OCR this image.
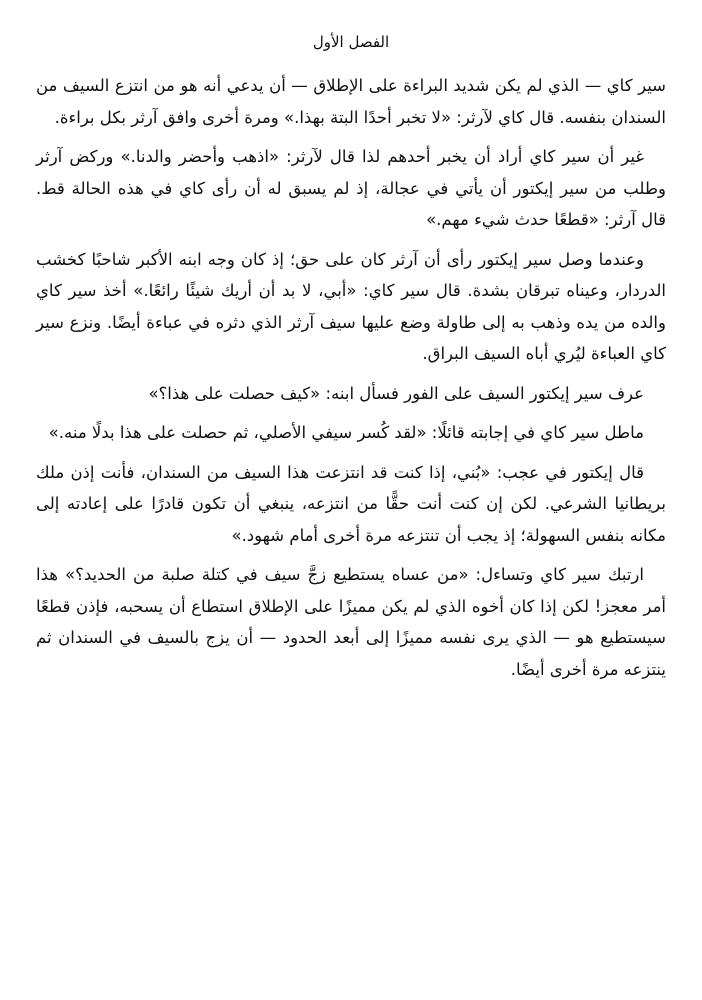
الفصل الأول

سير كاي — الذي لم يكن شديد البراءة على الإطلاق — أن يدعي أنه هو من انتزع السيف من السندان بنفسه. قال كاي لآرثر: «لا تخبر أحدًا البتة بهذا.» ومرة أخرى وافق آرثر بكل براءة.

غير أن سير كاي أراد أن يخبر أحدهم لذا قال لآرثر: «اذهب وأحضر والدنا.» وركض آرثر وطلب من سير إيكتور أن يأتي في عجالة، إذ لم يسبق له أن رأى كاي في هذه الحالة قط. قال آرثر: «قطعًا حدث شيء مهم.»

وعندما وصل سير إيكتور رأى أن آرثر كان على حق؛ إذ كان وجه ابنه الأكبر شاحبًا كخشب الدردار، وعيناه تبرقان بشدة. قال سير كاي: «أبي، لا بد أن أريك شيئًا رائعًا.» أخذ سير كاي والده من يده وذهب به إلى طاولة وضع عليها سيف آرثر الذي دثره في عباءة أيضًا. ونزع سير كاي العباءة ليُري أباه السيف البراق.

عرف سير إيكتور السيف على الفور فسأل ابنه: «كيف حصلت على هذا؟»

ماطل سير كاي في إجابته قائلًا: «لقد كُسر سيفي الأصلي، ثم حصلت على هذا بدلًا منه.»

قال إيكتور في عجب: «بُني، إذا كنت قد انتزعت هذا السيف من السندان، فأنت إذن ملك بريطانيا الشرعي. لكن إن كنت أنت حقًّا من انتزعه، ينبغي أن تكون قادرًا على إعادته إلى مكانه بنفس السهولة؛ إذ يجب أن تنتزعه مرة أخرى أمام شهود.»

ارتبك سير كاي وتساءل: «من عساه يستطيع زجَّ سيف في كتلة صلبة من الحديد؟» هذا أمر معجز! لكن إذا كان أخوه الذي لم يكن مميزًا على الإطلاق استطاع أن يسحبه، فإذن قطعًا سيستطيع هو — الذي يرى نفسه مميزًا إلى أبعد الحدود — أن يزج بالسيف في السندان ثم ينتزعه مرة أخرى أيضًا.
